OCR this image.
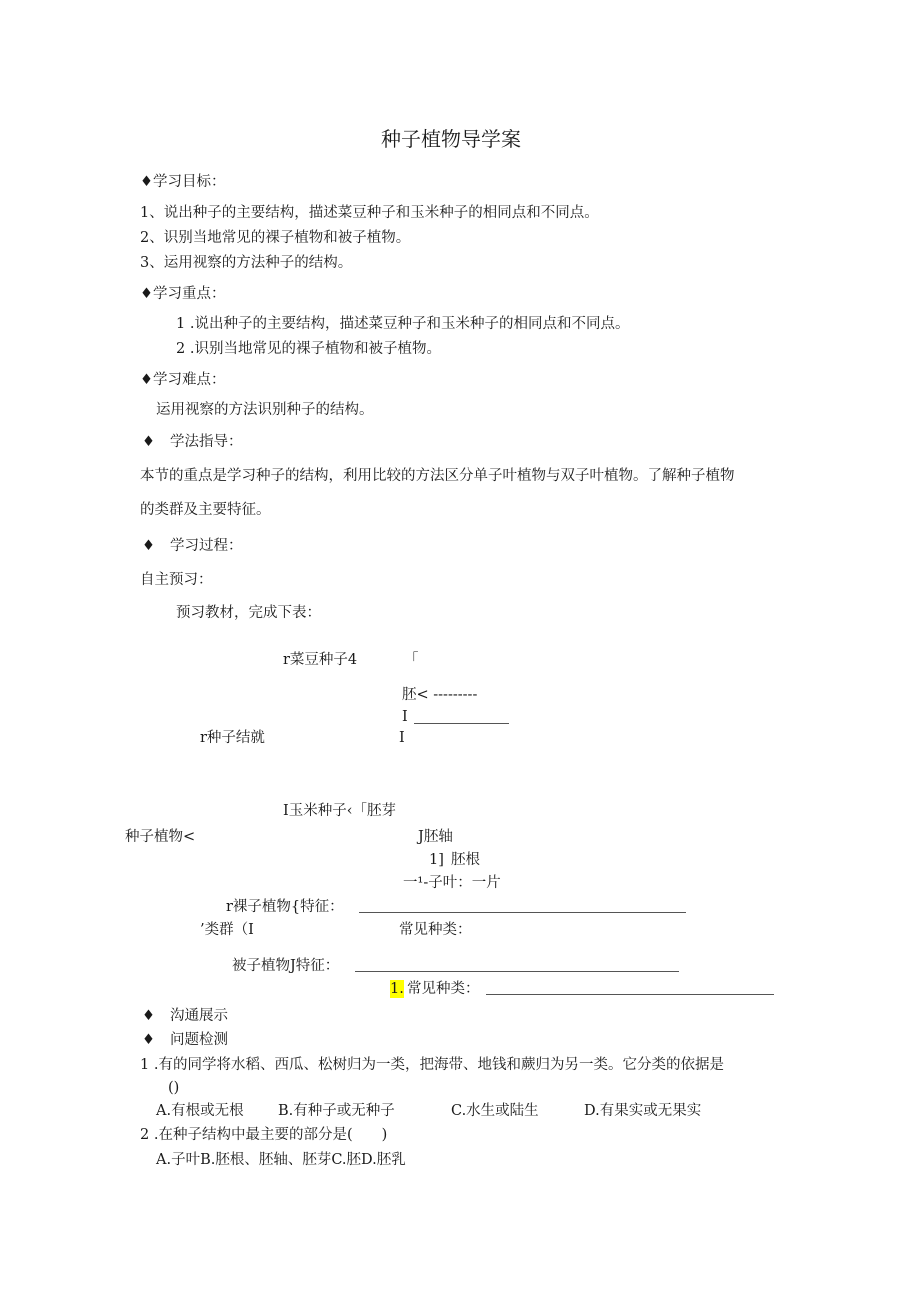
种子植物导学案
♦学习目标：
1、说出种子的主要结构，描述菜豆种子和玉米种子的相同点和不同点。
2、识别当地常见的裸子植物和被子植物。
3、运用视察的方法种子的结构。
♦学习重点：
1 .说出种子的主要结构，描述菜豆种子和玉米种子的相同点和不同点。
2 .识别当地常见的裸子植物和被子植物。
♦学习难点：
运用视察的方法识别种子的结构。
♦ 学法指导：
本节的重点是学习种子的结构，利用比较的方法区分单子叶植物与双子叶植物。了解种子植物
的类群及主要特征。
♦ 学习过程：
自主预习：
预习教材，完成下表：
r菜豆种子4	「
胚< ---------
I
r种子结就	I
I玉米种子‹「胚芽
种子植物<	J胚轴
1] 胚根
一¹-子叶：一片
r裸子植物{特征：
’类群（I	常见种类：
被子植物J特征：
1. 常见种类：
♦ 沟通展示
♦ 问题检测
1 .有的同学将水稻、西瓜、松树归为一类，把海带、地钱和蕨归为另一类。它分类的依据是
()
A.有根或无根 B.有种子或无种子	C.水生或陆生	D.有果实或无果实
2 .在种子结构中最主要的部分是(　　)
A.子叶B.胚根、胚轴、胚芽C.胚D.胚乳
